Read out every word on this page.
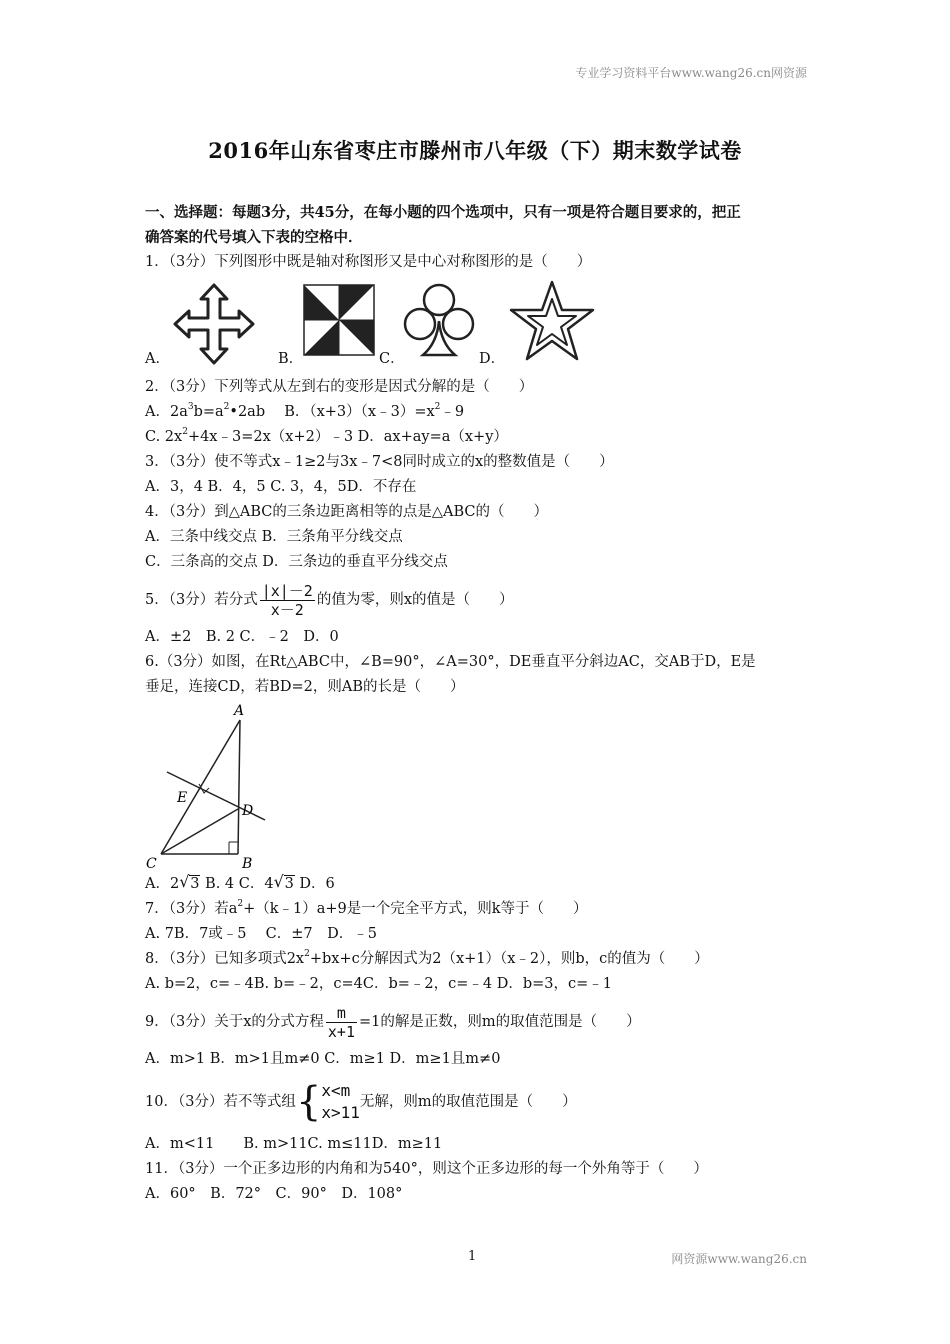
专业学习资料平台www.wang26.cn网资源
2016年山东省枣庄市滕州市八年级（下）期末数学试卷
一、选择题：每题3分，共45分，在每小题的四个选项中，只有一项是符合题目要求的，把正
确答案的代号填入下表的空格中．
1．（3分）下列图形中既是轴对称图形又是中心对称图形的是（　　）
A．	B．	C．	D．
2．（3分）下列等式从左到右的变形是因式分解的是（　　）
A．$2a^3b=a^2•2ab$　 B．$(x+3)(x﹣3)=x^2﹣9$
C. $2x^2+4x﹣3=2x(x+2)﹣3$ D．ax+ay=a（x+y）
3．（3分）使不等式x﹣1≥2与3x﹣7<8同时成立的x的整数值是（　　）
A．3，4 B．4，5 C. 3，4，5D．不存在
4．（3分）到△ABC的三条边距离相等的点是△ABC的（　　）
A．三条中线交点 B．三条角平分线交点
C．三条高的交点 D．三条边的垂直平分线交点
5．（3分）若分式 $\frac{|x|-2}{x-2}$ 的值为零，则x的值是（　　）
A．±2　B. 2 C．﹣2　D．0
6.（3分）如图，在Rt△ABC中，∠B=90°，∠A=30°，DE垂直平分斜边AC，交AB于D，E是
垂足，连接CD，若BD=2，则AB的长是（　　）
A
B
C
D
E
A．2 √ 3 B. 4 C．4 √ 3 D．6
7．（3分）若$a^2+(k﹣1)a+9$是一个完全平方式，则k等于（　　）
A. 7B．7或﹣5　 C．±7　D．﹣5
8．（3分）已知多项式$2x^2+bx+c$分解因式为2（x+1）（x﹣2），则b，c的值为（　　）
A. b=2，c=﹣4B. b=﹣2，c=4C．b=﹣2，c=﹣4 D．b=3，c=﹣1
9．（3分）关于x的分式方程 $\frac{m}{x+1} =1$的解是正数，则m的取值范围是（　　）
A．m>1 B．m>1且m≠0 C．m≥1 D．m≥1且m≠0
10．（3分）若不等式组{ x<m
x>11
无解，则m的取值范围是（　　）
A．m<11　　B. m>11C. m≤11D．m≥11
11．（3分）一个正多边形的内角和为540°，则这个正多边形的每一个外角等于（　　）
A．60°　B．72°　C．90°　D．108°
1	网资源www.wang26.cn
